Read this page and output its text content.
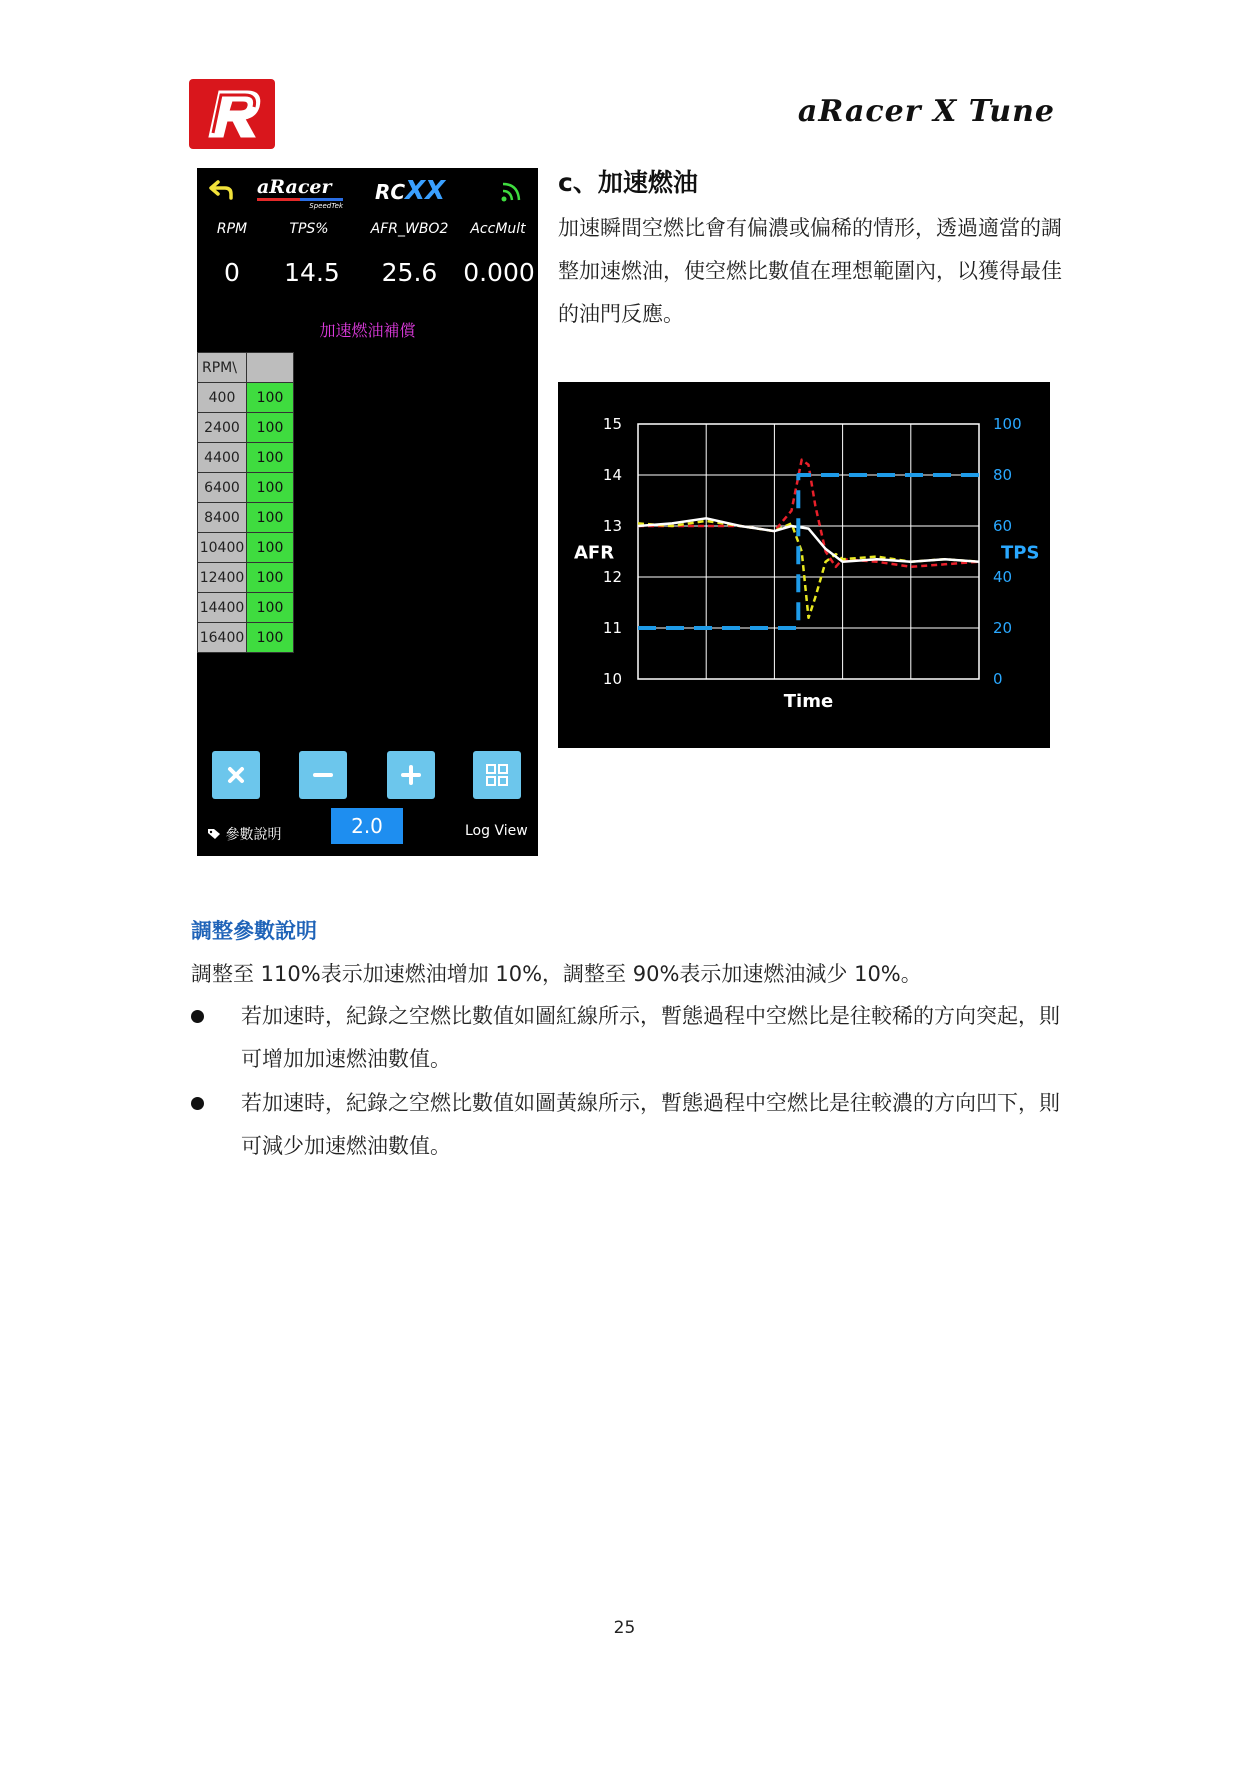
aRacer X Tune
aRacer
SpeedTek
RCXX
RPM	TPS%	AFR_WBO2	AccMult
0	14.5	25.6	0.000
加速燃油補償
RPM\	
400	100
2400	100
4400	100
6400	100
8400	100
10400	100
12400	100
14400	100
16400	100
參數說明	2.0	Log View
c、加速燃油
加速瞬間空燃比會有偏濃或偏稀的情形，透過適當的調整加速燃油，使空燃比數值在理想範圍內，以獲得最佳的油門反應。
15
14
13
12
11
10
100
80
60
40
20
0
Time
AFR	TPS
調整參數說明
調整至 110%表示加速燃油增加 10%，調整至 90%表示加速燃油減少 10%。
若加速時，紀錄之空燃比數值如圖紅線所示，暫態過程中空燃比是往較稀的方向突起，則可增加加速燃油數值。
若加速時，紀錄之空燃比數值如圖黃線所示，暫態過程中空燃比是往較濃的方向凹下，則可減少加速燃油數值。
25
